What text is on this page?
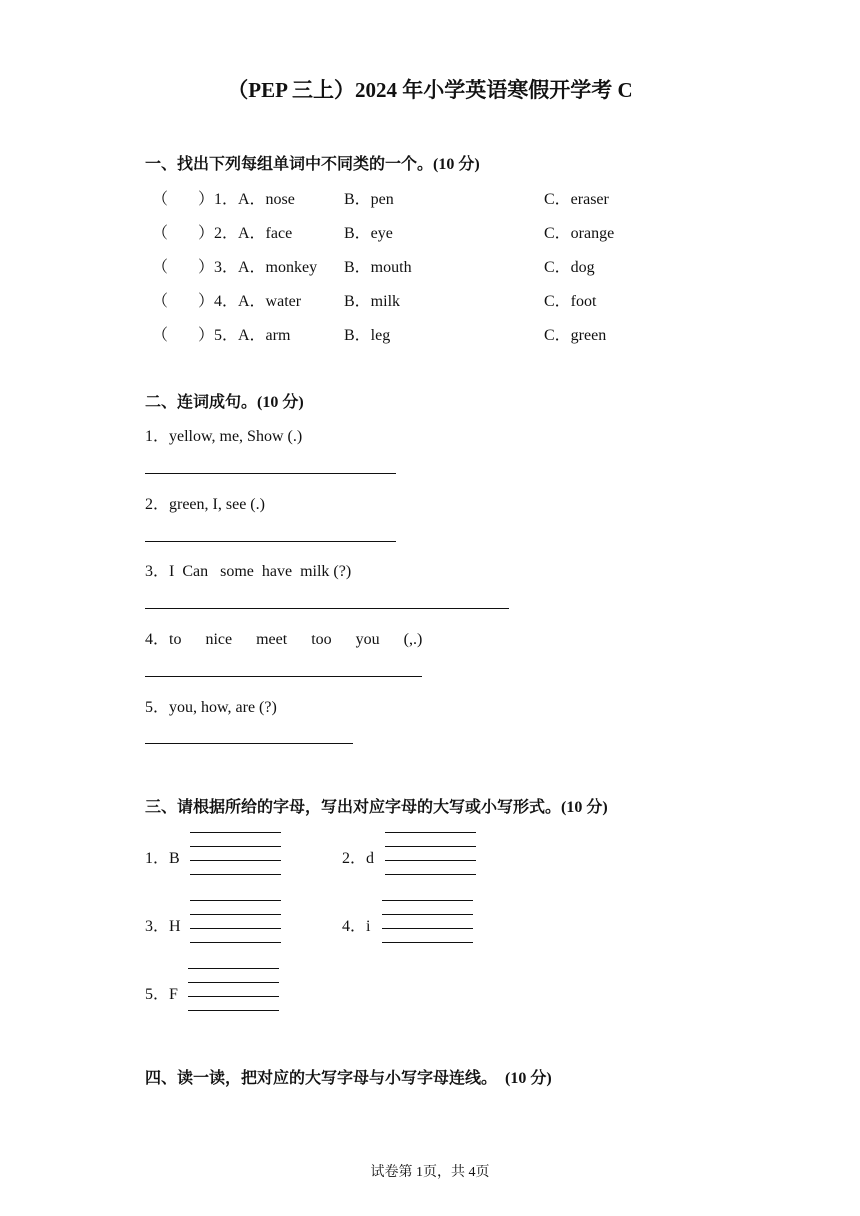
（PEP 三上）2024 年小学英语寒假开学考 C
一、找出下列每组单词中不同类的一个。(10 分)
（ ）1．A．nose	B．pen	C．eraser
（ ）2．A．face	B．eye	C．orange
（ ）3．A．monkey B．mouth	C．dog
（ ）4．A．water	B．milk	C．foot
（ ）5．A．arm	B．leg	C．green
二、连词成句。(10 分)
1．yellow, me, Show (.)
2．green, I, see (.)
3．I  Can   some  have  milk (?)
4．to      nice      meet      too      you      (,.)
5．you, how, are (?)
三、请根据所给的字母，写出对应字母的大写或小写形式。(10 分)
1．B	2．d
3．H	4．i
5．F
四、读一读，把对应的大写字母与小写字母连线。  (10 分)
试卷第 1页，共 4页
